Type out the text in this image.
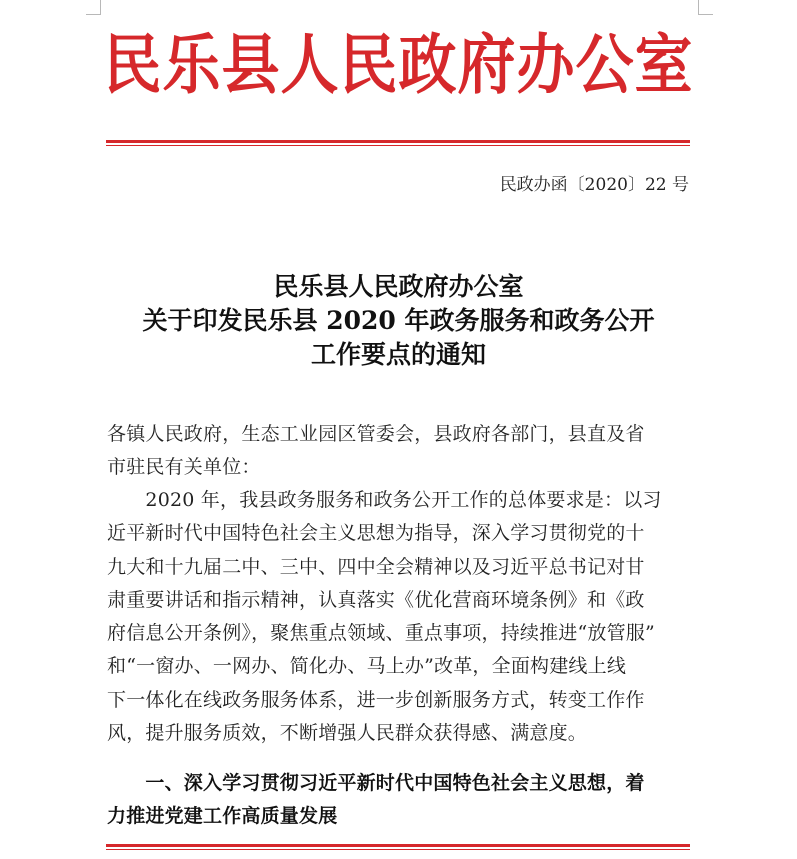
民乐县人民政府办公室
民政办函〔2020〕22 号
民乐县人民政府办公室
关于印发民乐县 2020 年政务服务和政务公开
工作要点的通知
各镇人民政府，生态工业园区管委会，县政府各部门，县直及省
市驻民有关单位：
　　2020 年，我县政务服务和政务公开工作的总体要求是：以习
近平新时代中国特色社会主义思想为指导，深入学习贯彻党的十
九大和十九届二中、三中、四中全会精神以及习近平总书记对甘
肃重要讲话和指示精神，认真落实《优化营商环境条例》和《政
府信息公开条例》，聚焦重点领域、重点事项，持续推进“放管服”
和“一窗办、一网办、简化办、马上办”改革，全面构建线上线
下一体化在线政务服务体系，进一步创新服务方式，转变工作作
风，提升服务质效，不断增强人民群众获得感、满意度。
　　一、深入学习贯彻习近平新时代中国特色社会主义思想，着
力推进党建工作高质量发展
